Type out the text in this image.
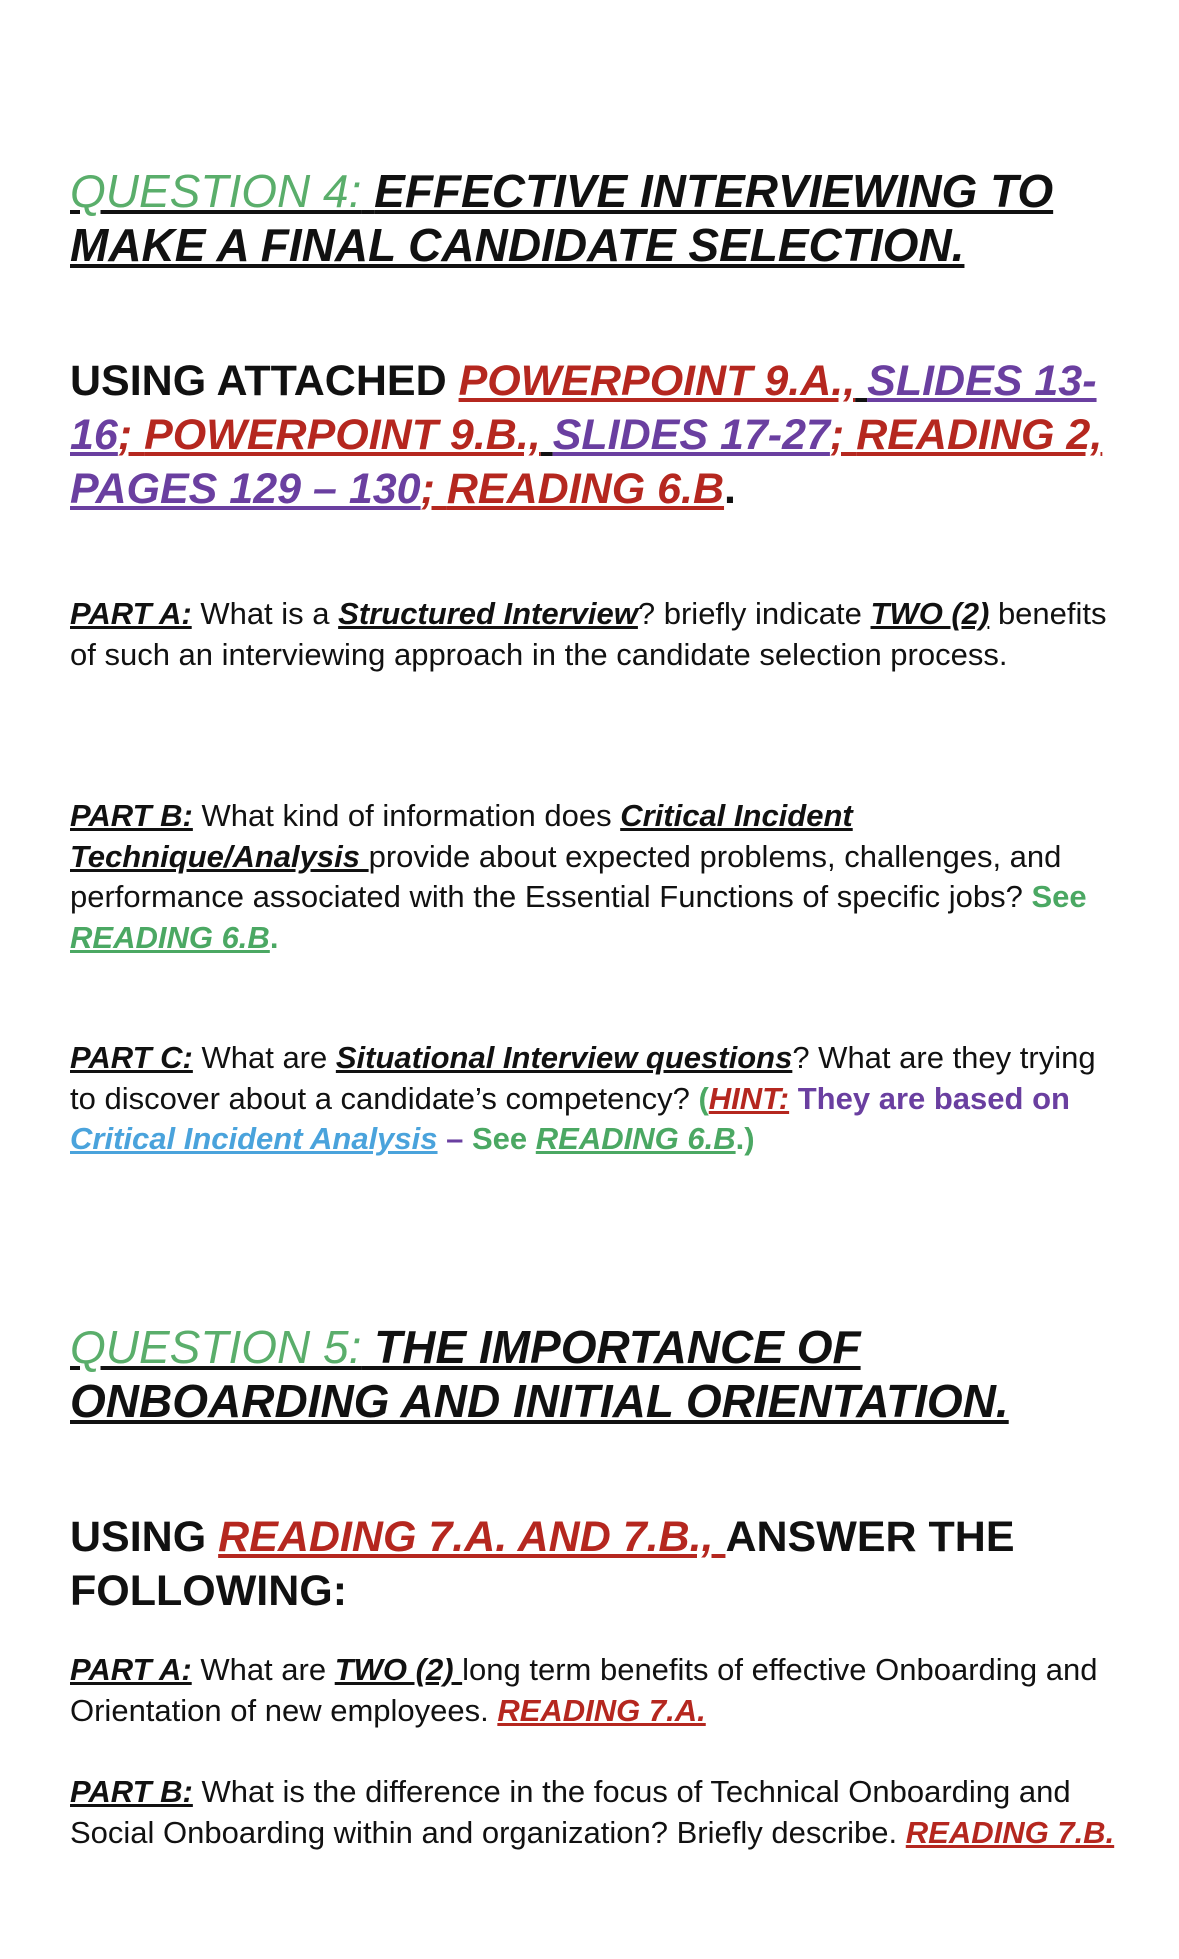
QUESTION 4: EFFECTIVE INTERVIEWING TO MAKE A FINAL CANDIDATE SELECTION.

USING ATTACHED POWERPOINT 9.A., SLIDES 13-16; POWERPOINT 9.B., SLIDES 17-27; READING 2, PAGES 129 – 130; READING 6.B.

PART A: What is a Structured Interview? briefly indicate TWO (2) benefits of such an interviewing approach in the candidate selection process.

PART B: What kind of information does Critical Incident Technique/Analysis provide about expected problems, challenges, and performance associated with the Essential Functions of specific jobs? See READING 6.B.

PART C: What are Situational Interview questions? What are they trying to discover about a candidate’s competency? (HINT: They are based on Critical Incident Analysis – See READING 6.B.)

QUESTION 5: THE IMPORTANCE OF ONBOARDING AND INITIAL ORIENTATION.

USING READING 7.A. AND 7.B., ANSWER THE FOLLOWING:

PART A: What are TWO (2) long term benefits of effective Onboarding and Orientation of new employees. READING 7.A.

PART B: What is the difference in the focus of Technical Onboarding and Social Onboarding within and organization? Briefly describe. READING 7.B.
